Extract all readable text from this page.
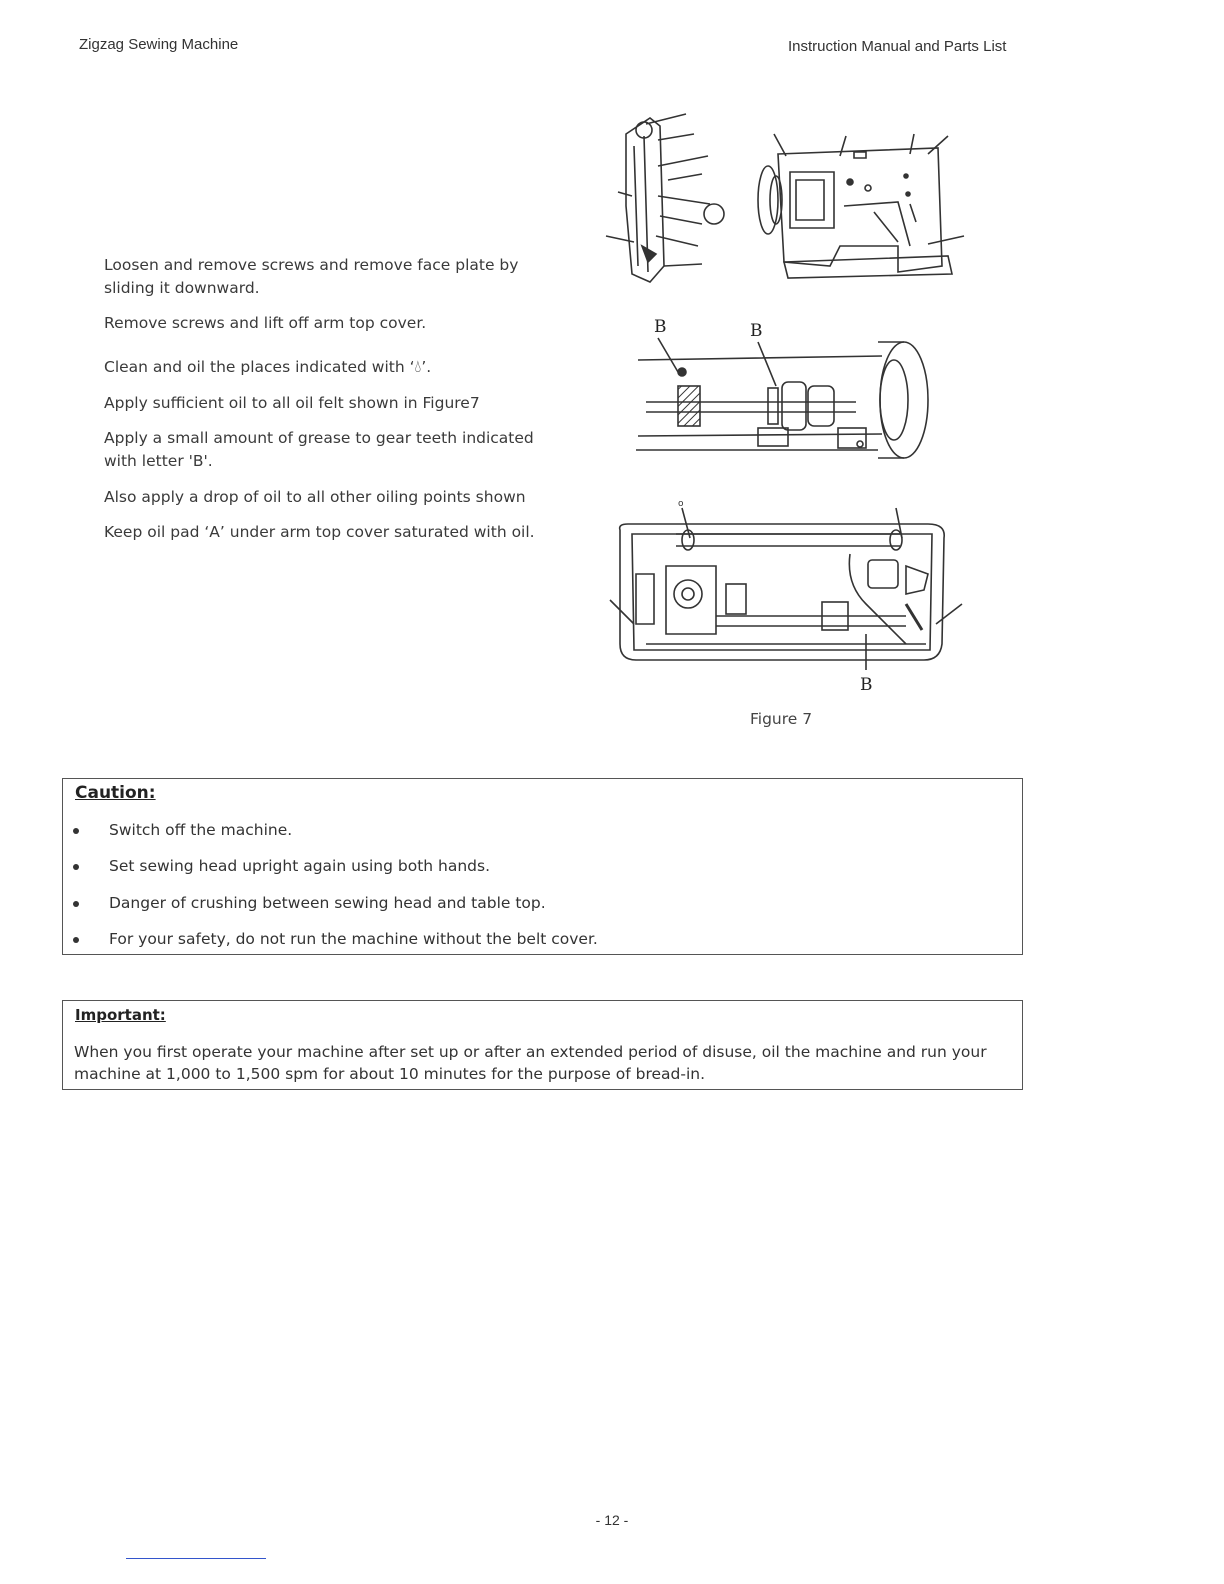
Zigzag Sewing Machine	Instruction Manual and Parts List

Loosen and remove screws and remove face plate by sliding it downward.

Remove screws and lift off arm top cover.

Clean and oil the places indicated with ‘💧︎’.

Apply sufficient oil to all oil felt shown in Figure7

Apply a small amount of grease to gear teeth indicated with letter 'B'.

Also apply a drop of oil to all other oiling points shown

Keep oil pad ‘A’ under arm top cover saturated with oil.

B	B
B
o
Figure 7
Caution:
Switch off the machine.
Set sewing head upright again using both hands.
Danger of crushing between sewing head and table top.
For your safety, do not run the machine without the belt cover.
Important:
When you first operate your machine after set up or after an extended period of disuse, oil the machine and run your machine at 1,000 to 1,500 spm for about 10 minutes for the purpose of bread-in.
- 12 -
